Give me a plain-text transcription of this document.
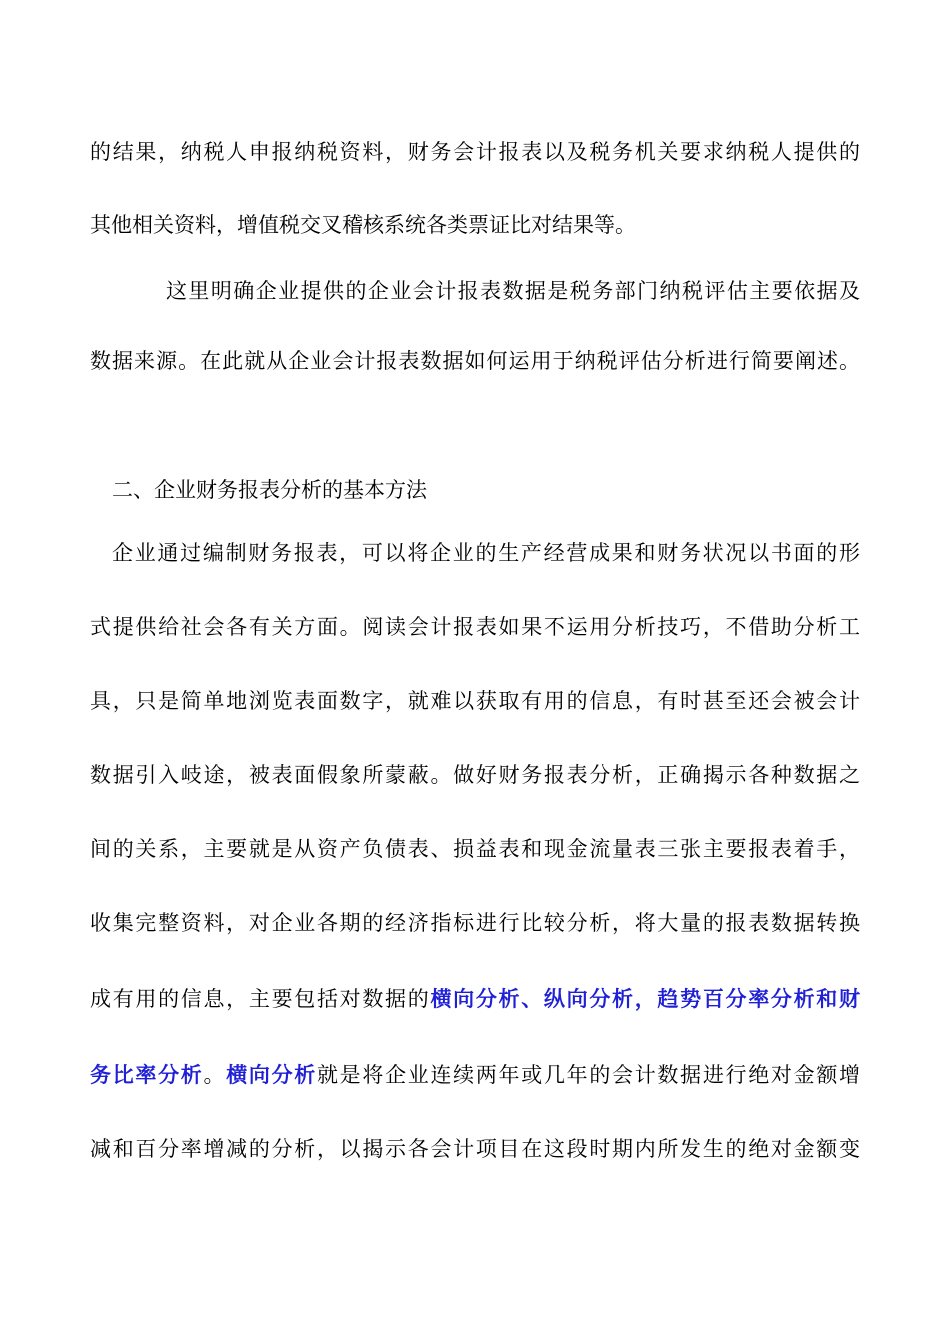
的结果，纳税人申报纳税资料，财务会计报表以及税务机关要求纳税人提供的
其他相关资料，增值税交叉稽核系统各类票证比对结果等。
这里明确企业提供的企业会计报表数据是税务部门纳税评估主要依据及
数据来源。在此就从企业会计报表数据如何运用于纳税评估分析进行简要阐述。
二、企业财务报表分析的基本方法
企业通过编制财务报表，可以将企业的生产经营成果和财务状况以书面的形
式提供给社会各有关方面。阅读会计报表如果不运用分析技巧，不借助分析工
具，只是简单地浏览表面数字，就难以获取有用的信息，有时甚至还会被会计
数据引入岐途，被表面假象所蒙蔽。做好财务报表分析，正确揭示各种数据之
间的关系，主要就是从资产负债表、损益表和现金流量表三张主要报表着手，
收集完整资料，对企业各期的经济指标进行比较分析，将大量的报表数据转换
成有用的信息，主要包括对数据的横向分析、纵向分析，趋势百分率分析和财
务比率分析。横向分析就是将企业连续两年或几年的会计数据进行绝对金额增
减和百分率增减的分析，以揭示各会计项目在这段时期内所发生的绝对金额变
